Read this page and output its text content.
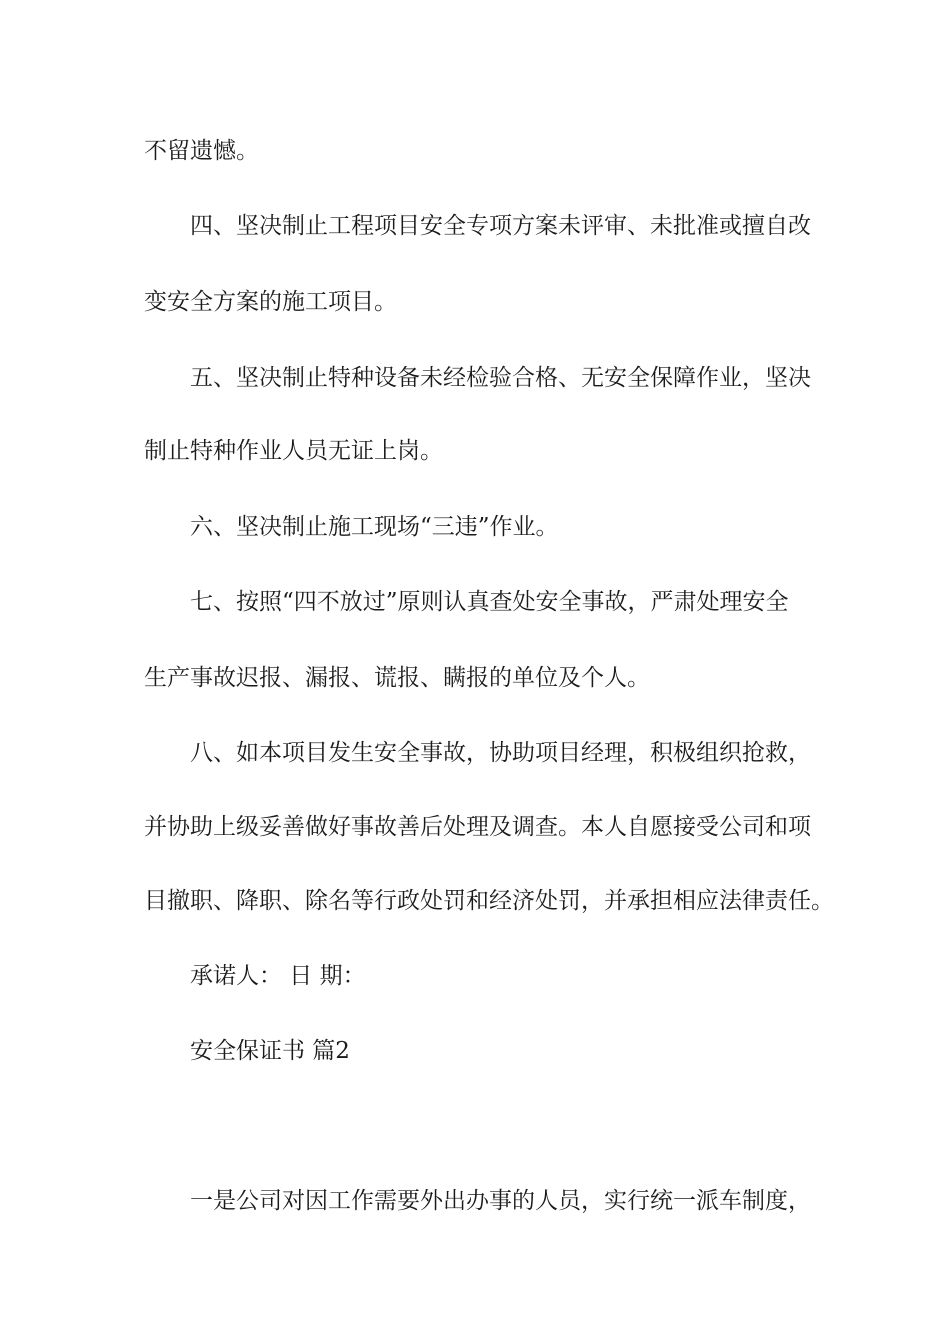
不留遗憾。
四、坚决制止工程项目安全专项方案未评审、未批准或擅自改
变安全方案的施工项目。
五、坚决制止特种设备未经检验合格、无安全保障作业，坚决
制止特种作业人员无证上岗。
六、坚决制止施工现场“三违”作业。
七、按照“四不放过”原则认真查处安全事故，严肃处理安全
生产事故迟报、漏报、谎报、瞒报的单位及个人。
八、如本项目发生安全事故，协助项目经理，积极组织抢救，
并协助上级妥善做好事故善后处理及调查。本人自愿接受公司和项
目撤职、降职、除名等行政处罚和经济处罚，并承担相应法律责任。
承诺人： 日 期：
安全保证书 篇2
一是公司对因工作需要外出办事的人员，实行统一派车制度，
